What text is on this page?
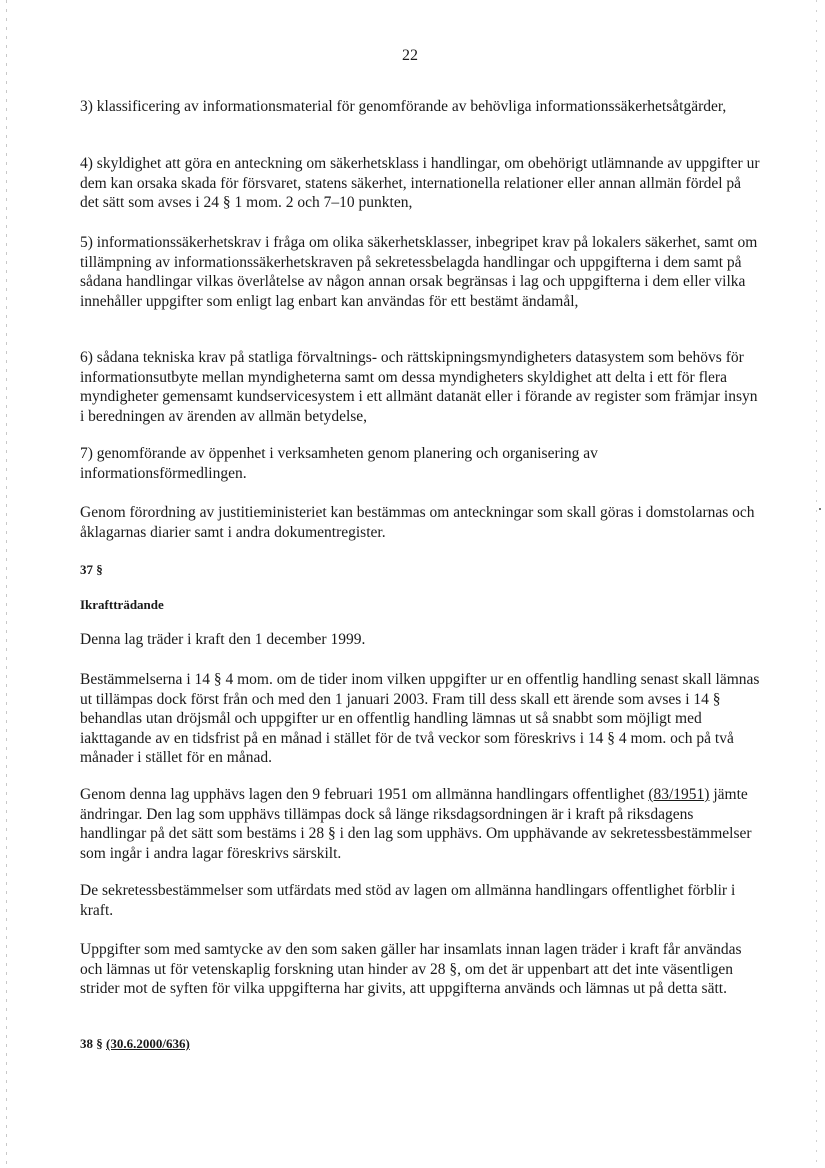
22

3) klassificering av informationsmaterial för genomförande av behövliga informationssäkerhetsåtgärder,

4) skyldighet att göra en anteckning om säkerhetsklass i handlingar, om obehörigt utlämnande av uppgifter ur dem kan orsaka skada för försvaret, statens säkerhet, internationella relationer eller annan allmän fördel på det sätt som avses i 24 § 1 mom. 2 och 7–10 punkten,

5) informationssäkerhetskrav i fråga om olika säkerhetsklasser, inbegripet krav på lokalers säkerhet, samt om tillämpning av informationssäkerhetskraven på sekretessbelagda handlingar och uppgifterna i dem samt på sådana handlingar vilkas överlåtelse av någon annan orsak begränsas i lag och uppgifterna i dem eller vilka innehåller uppgifter som enligt lag enbart kan användas för ett bestämt ändamål,

6) sådana tekniska krav på statliga förvaltnings- och rättskipningsmyndigheters datasystem som behövs för informationsutbyte mellan myndigheterna samt om dessa myndigheters skyldighet att delta i ett för flera myndigheter gemensamt kundservicesystem i ett allmänt datanät eller i förande av register som främjar insyn i beredningen av ärenden av allmän betydelse,

7) genomförande av öppenhet i verksamheten genom planering och organisering av informationsförmedlingen.

Genom förordning av justitieministeriet kan bestämmas om anteckningar som skall göras i domstolarnas och åklagarnas diarier samt i andra dokumentregister.

37 §
Ikraftträdande

Denna lag träder i kraft den 1 december 1999.

Bestämmelserna i 14 § 4 mom. om de tider inom vilken uppgifter ur en offentlig handling senast skall lämnas ut tillämpas dock först från och med den 1 januari 2003. Fram till dess skall ett ärende som avses i 14 § behandlas utan dröjsmål och uppgifter ur en offentlig handling lämnas ut så snabbt som möjligt med iakttagande av en tidsfrist på en månad i stället för de två veckor som föreskrivs i 14 § 4 mom. och på två månader i stället för en månad.

Genom denna lag upphävs lagen den 9 februari 1951 om allmänna handlingars offentlighet (83/1951) jämte ändringar. Den lag som upphävs tillämpas dock så länge riksdagsordningen är i kraft på riksdagens handlingar på det sätt som bestäms i 28 § i den lag som upphävs. Om upphävande av sekretessbestämmelser som ingår i andra lagar föreskrivs särskilt.

De sekretessbestämmelser som utfärdats med stöd av lagen om allmänna handlingars offentlighet förblir i kraft.

Uppgifter som med samtycke av den som saken gäller har insamlats innan lagen träder i kraft får användas och lämnas ut för vetenskaplig forskning utan hinder av 28 §, om det är uppenbart att det inte väsentligen strider mot de syften för vilka uppgifterna har givits, att uppgifterna används och lämnas ut på detta sätt.

38 § (30.6.2000/636)
